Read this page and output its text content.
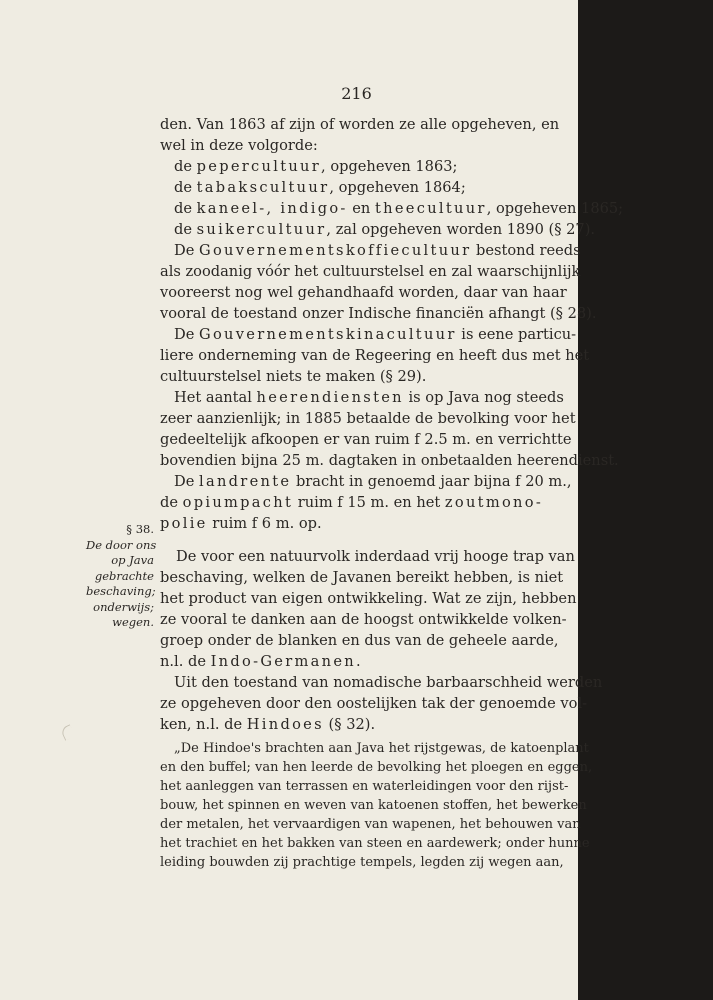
216
§ 38.
De door ons
op Java
gebrachte
beschaving;
onderwijs;
wegen.
den. Van 1863 af zijn of worden ze alle opgeheven, en
wel in deze volgorde:
de pepercultuur, opgeheven 1863;
de tabakscultuur, opgeheven 1864;
de kaneel-, indigo- en theecultuur, opgeheven 1865;
de suikercultuur, zal opgeheven worden 1890 (§ 27).
De Gouvernementskoffiecultuur bestond reeds
als zoodanig vóór het cultuurstelsel en zal waarschijnlijk
vooreerst nog wel gehandhaafd worden, daar van haar
vooral de toestand onzer Indische financiën afhangt (§ 28).
De Gouvernementskinacultuur is eene particu-
liere onderneming van de Regeering en heeft dus met het
cultuurstelsel niets te maken (§ 29).
Het aantal heerendiensten is op Java nog steeds
zeer aanzienlijk; in 1885 betaalde de bevolking voor het
gedeeltelijk afkoopen er van ruim f 2.5 m. en verrichtte
bovendien bijna 25 m. dagtaken in onbetaalden heerendienst.
De landrente bracht in genoemd jaar bijna f 20 m.,
de opiumpacht ruim f 15 m. en het zoutmono-
polie ruim f 6 m. op.
De voor een natuurvolk inderdaad vrij hooge trap van
beschaving, welken de Javanen bereikt hebben, is niet
het product van eigen ontwikkeling. Wat ze zijn, hebben
ze vooral te danken aan de hoogst ontwikkelde volken-
groep onder de blanken en dus van de geheele aarde,
n.l. de Indo-Germanen.
Uit den toestand van nomadische barbaarschheid werden
ze opgeheven door den oostelijken tak der genoemde vol-
ken, n.l. de Hindoes (§ 32).
„De Hindoe's brachten aan Java het rijstgewas, de katoenplant
en den buffel; van hen leerde de bevolking het ploegen en eggen,
het aanleggen van terrassen en waterleidingen voor den rijst-
bouw, het spinnen en weven van katoenen stoffen, het bewerken
der metalen, het vervaardigen van wapenen, het behouwen van
het trachiet en het bakken van steen en aardewerk; onder hunne
leiding bouwden zij prachtige tempels, legden zij wegen aan,
